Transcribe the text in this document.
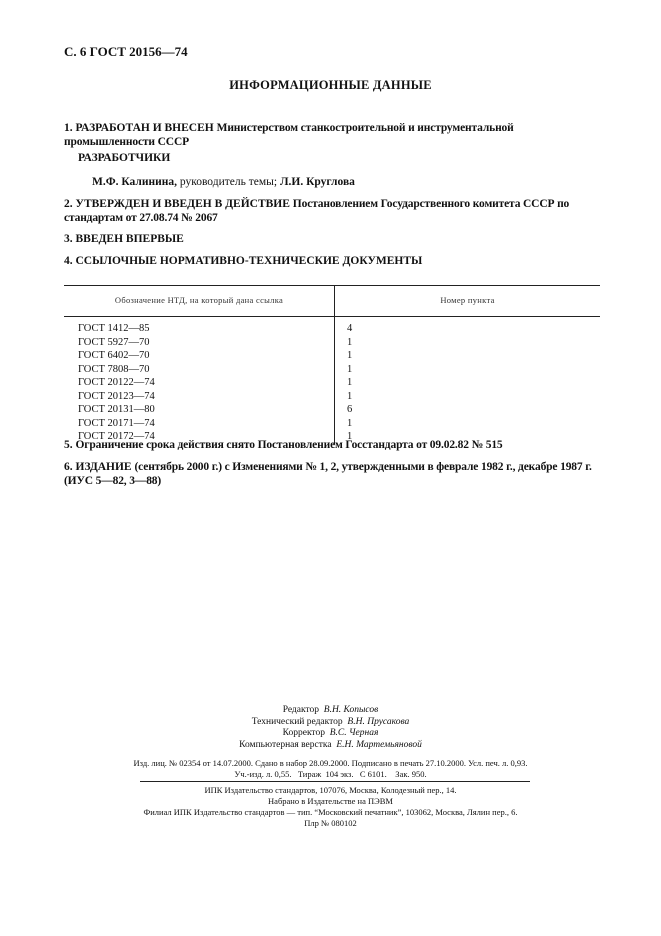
С. 6 ГОСТ 20156—74
ИНФОРМАЦИОННЫЕ ДАННЫЕ
1. РАЗРАБОТАН И ВНЕСЕН Министерством станкостроительной и инструментальной промышленности СССР
РАЗРАБОТЧИКИ
М.Ф. Калинина, руководитель темы; Л.И. Круглова
2. УТВЕРЖДЕН И ВВЕДЕН В ДЕЙСТВИЕ Постановлением Государственного комитета СССР по стандартам от 27.08.74 № 2067
3. ВВЕДЕН ВПЕРВЫЕ
4. ССЫЛОЧНЫЕ НОРМАТИВНО-ТЕХНИЧЕСКИЕ ДОКУМЕНТЫ
Обозначение НТД, на который дана ссылка	Номер пункта
ГОСТ 1412—85	4
ГОСТ 5927—70	1
ГОСТ 6402—70	1
ГОСТ 7808—70	1
ГОСТ 20122—74	1
ГОСТ 20123—74	1
ГОСТ 20131—80	6
ГОСТ 20171—74	1
ГОСТ 20172—74	1
5. Ограничение срока действия снято Постановлением Госстандарта от 09.02.82 № 515
6. ИЗДАНИЕ (сентябрь 2000 г.) с Изменениями № 1, 2, утвержденными в феврале 1982 г., декабре 1987 г. (ИУС 5—82, 3—88)
Редактор В.Н. Копысов
Технический редактор В.Н. Прусакова
Корректор В.С. Черная
Компьютерная верстка Е.Н. Мартемьяновой
Изд. лиц. № 02354 от 14.07.2000. Сдано в набор 28.09.2000. Подписано в печать 27.10.2000. Усл. печ. л. 0,93.
Уч.-изд. л. 0,55.   Тираж  104 экз.   С 6101.    Зак. 950.
ИПК Издательство стандартов, 107076, Москва, Колодезный пер., 14.
Набрано в Издательстве на ПЭВМ
Филиал ИПК Издательство стандартов — тип. “Московский печатник”, 103062, Москва, Лялин пер., 6.
Плр № 080102
